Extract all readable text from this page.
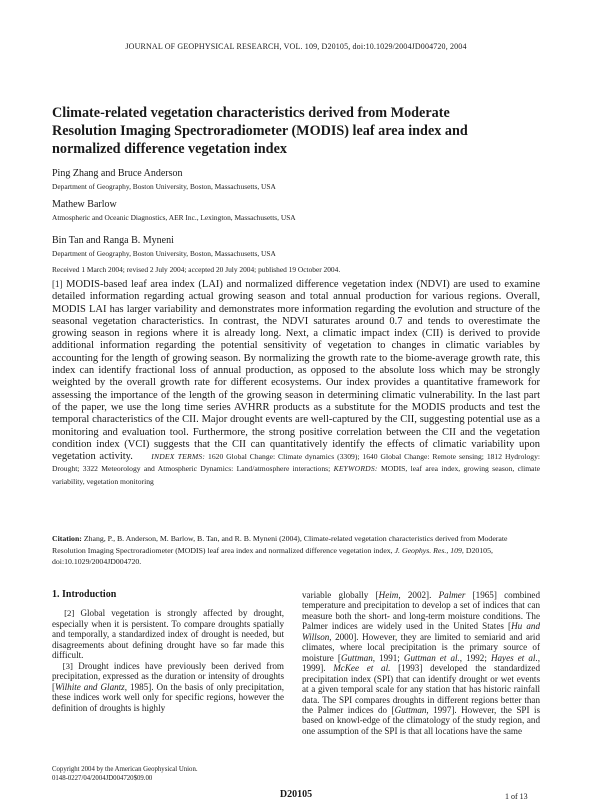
JOURNAL OF GEOPHYSICAL RESEARCH, VOL. 109, D20105, doi:10.1029/2004JD004720, 2004
Climate-related vegetation characteristics derived from Moderate Resolution Imaging Spectroradiometer (MODIS) leaf area index and normalized difference vegetation index
Ping Zhang and Bruce Anderson
Department of Geography, Boston University, Boston, Massachusetts, USA
Mathew Barlow
Atmospheric and Oceanic Diagnostics, AER Inc., Lexington, Massachusetts, USA
Bin Tan and Ranga B. Myneni
Department of Geography, Boston University, Boston, Massachusetts, USA
Received 1 March 2004; revised 2 July 2004; accepted 20 July 2004; published 19 October 2004.
[1] MODIS-based leaf area index (LAI) and normalized difference vegetation index (NDVI) are used to examine detailed information regarding actual growing season and total annual production for various regions. Overall, MODIS LAI has larger variability and demonstrates more information regarding the evolution and structure of the seasonal vegetation characteristics. In contrast, the NDVI saturates around 0.7 and tends to overestimate the growing season in regions where it is already long. Next, a climatic impact index (CII) is derived to provide additional information regarding the potential sensitivity of vegetation to changes in climatic variables by accounting for the length of growing season. By normalizing the growth rate to the biome-average growth rate, this index can identify fractional loss of annual production, as opposed to the absolute loss which may be strongly weighted by the overall growth rate for different ecosystems. Our index provides a quantitative framework for assessing the importance of the length of the growing season in determining climatic vulnerability. In the last part of the paper, we use the long time series AVHRR products as a substitute for the MODIS products and test the temporal characteristics of the CII. Major drought events are well-captured by the CII, suggesting potential use as a monitoring and evaluation tool. Furthermore, the strong positive correlation between the CII and the vegetation condition index (VCI) suggests that the CII can quantitatively identify the effects of climatic variability upon vegetation activity. INDEX TERMS: 1620 Global Change: Climate dynamics (3309); 1640 Global Change: Remote sensing; 1812 Hydrology: Drought; 3322 Meteorology and Atmospheric Dynamics: Land/atmosphere interactions; KEYWORDS: MODIS, leaf area index, growing season, climate variability, vegetation monitoring
Citation: Zhang, P., B. Anderson, M. Barlow, B. Tan, and R. B. Myneni (2004), Climate-related vegetation characteristics derived from Moderate Resolution Imaging Spectroradiometer (MODIS) leaf area index and normalized difference vegetation index, J. Geophys. Res., 109, D20105, doi:10.1029/2004JD004720.
1. Introduction

[2] Global vegetation is strongly affected by drought, especially when it is persistent. To compare droughts spatially and temporally, a standardized index of drought is needed, but disagreements about defining drought have so far made this difficult.

[3] Drought indices have previously been derived from precipitation, expressed as the duration or intensity of droughts [Wilhite and Glantz, 1985]. On the basis of only precipitation, these indices work well only for specific regions, however the definition of droughts is highly

variable globally [Heim, 2002]. Palmer [1965] combined temperature and precipitation to develop a set of indices that can measure both the short- and long-term moisture conditions. The Palmer indices are widely used in the United States [Hu and Willson, 2000]. However, they are limited to semiarid and arid climates, where local precipitation is the primary source of moisture [Guttman, 1991; Guttman et al., 1992; Hayes et al., 1999]. McKee et al. [1993] developed the standardized precipitation index (SPI) that can identify drought or wet events at a given temporal scale for any station that has historic rainfall data. The SPI compares droughts in different regions better than the Palmer indices do [Guttman, 1997]. However, the SPI is based on knowl-edge of the climatology of the study region, and one assumption of the SPI is that all locations have the same

Copyright 2004 by the American Geophysical Union.
0148-0227/04/2004JD004720$09.00
D20105	1 of 13
